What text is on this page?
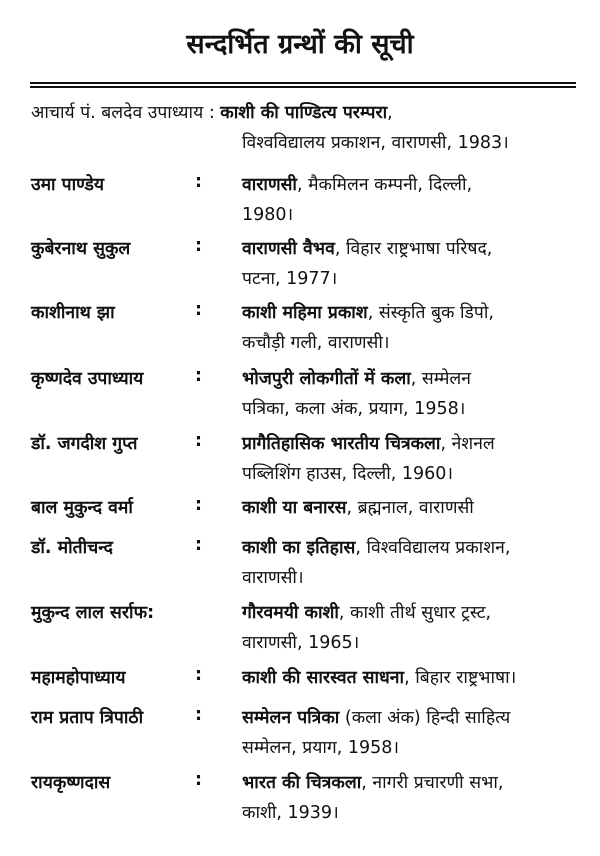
सन्दर्भित ग्रन्थों की सूची
आचार्य पं. बलदेव उपाध्याय : काशी की पाण्डित्य परम्परा,
विश्वविद्यालय प्रकाशन, वाराणसी, 1983।
उमा पाण्डेय	: वाराणसी, मैकमिलन कम्पनी, दिल्ली,
1980।
कुबेरनाथ सुकुल	: वाराणसी वैभव, विहार राष्ट्रभाषा परिषद,
पटना, 1977।
काशीनाथ झा	: काशी महिमा प्रकाश, संस्कृति बुक डिपो,
कचौड़ी गली, वाराणसी।
कृष्णदेव उपाध्याय	: भोजपुरी लोकगीतों में कला, सम्मेलन
पत्रिका, कला अंक, प्रयाग, 1958।
डॉ. जगदीश गुप्त	: प्रागैतिहासिक भारतीय चित्रकला, नेशनल
पब्लिशिंग हाउस, दिल्ली, 1960।
बाल मुकुन्द वर्मा	: काशी या बनारस, ब्रह्मनाल, वाराणसी
डॉ. मोतीचन्द	: काशी का इतिहास, विश्वविद्यालय प्रकाशन,
वाराणसी।
मुकुन्द लाल सर्राफ:	गौरवमयी काशी, काशी तीर्थ सुधार ट्रस्ट,
वाराणसी, 1965।
महामहोपाध्याय	: काशी की सारस्वत साधना, बिहार राष्ट्रभाषा।
राम प्रताप त्रिपाठी	: सम्मेलन पत्रिका (कला अंक) हिन्दी साहित्य
सम्मेलन, प्रयाग, 1958।
रायकृष्णदास	: भारत की चित्रकला, नागरी प्रचारणी सभा,
काशी, 1939।
